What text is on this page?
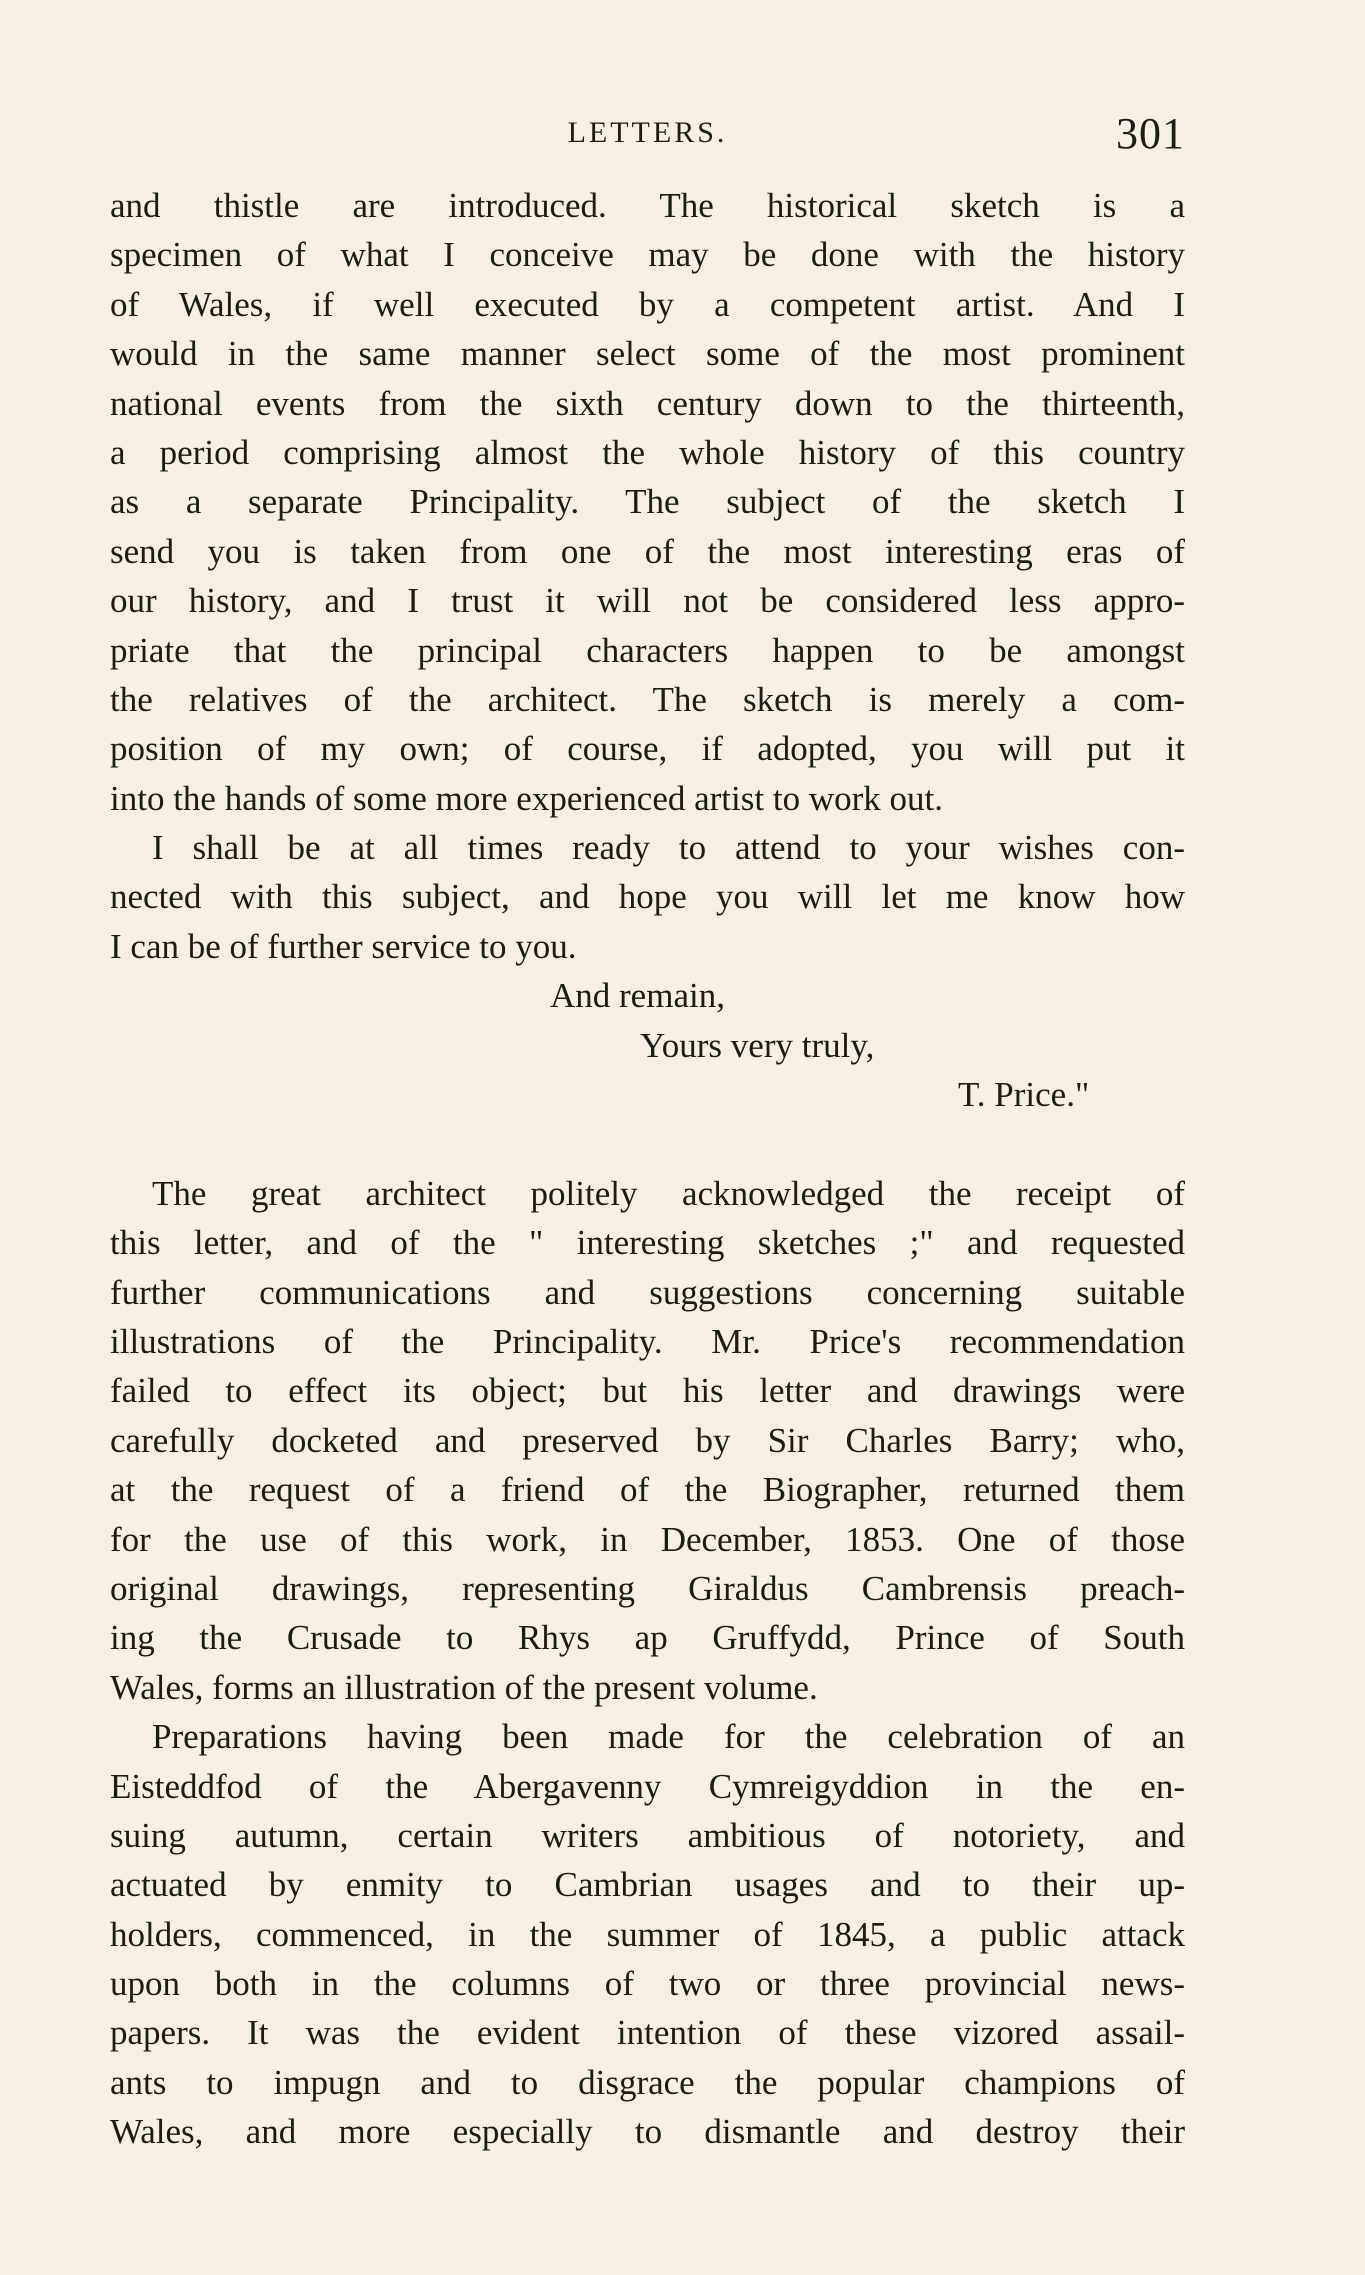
LETTERS.	301
and thistle are introduced. The historical sketch is a
specimen of what I conceive may be done with the history
of Wales, if well executed by a competent artist. And I
would in the same manner select some of the most prominent
national events from the sixth century down to the thirteenth,
a period comprising almost the whole history of this country
as a separate Principality. The subject of the sketch I
send you is taken from one of the most interesting eras of
our history, and I trust it will not be considered less appro-
priate that the principal characters happen to be amongst
the relatives of the architect. The sketch is merely a com-
position of my own; of course, if adopted, you will put it
into the hands of some more experienced artist to work out.
I shall be at all times ready to attend to your wishes con-
nected with this subject, and hope you will let me know how
I can be of further service to you.
And remain,
Yours very truly,
T. Price."
The great architect politely acknowledged the receipt of
this letter, and of the " interesting sketches ;" and requested
further communications and suggestions concerning suitable
illustrations of the Principality. Mr. Price's recommendation
failed to effect its object; but his letter and drawings were
carefully docketed and preserved by Sir Charles Barry; who,
at the request of a friend of the Biographer, returned them
for the use of this work, in December, 1853. One of those
original drawings, representing Giraldus Cambrensis preach-
ing the Crusade to Rhys ap Gruffydd, Prince of South
Wales, forms an illustration of the present volume.
Preparations having been made for the celebration of an
Eisteddfod of the Abergavenny Cymreigyddion in the en-
suing autumn, certain writers ambitious of notoriety, and
actuated by enmity to Cambrian usages and to their up-
holders, commenced, in the summer of 1845, a public attack
upon both in the columns of two or three provincial news-
papers. It was the evident intention of these vizored assail-
ants to impugn and to disgrace the popular champions of
Wales, and more especially to dismantle and destroy their
